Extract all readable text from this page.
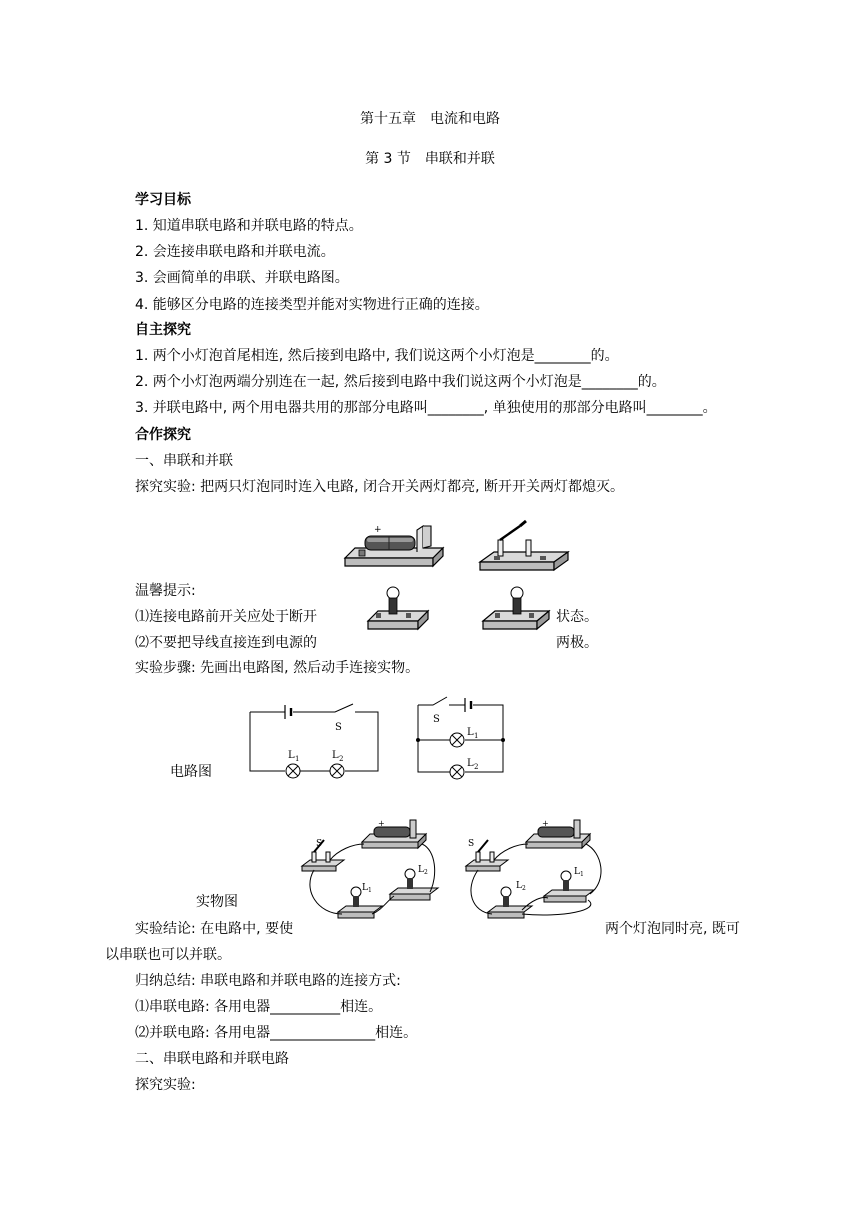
第十五章　电流和电路
第 3 节　串联和并联
学习目标
1. 知道串联电路和并联电路的特点。
2. 会连接串联电路和并联电流。
3. 会画简单的串联、并联电路图。
4. 能够区分电路的连接类型并能对实物进行正确的连接。
自主探究
1. 两个小灯泡首尾相连, 然后接到电路中, 我们说这两个小灯泡是________的。
2. 两个小灯泡两端分别连在一起, 然后接到电路中我们说这两个小灯泡是________的。
3. 并联电路中, 两个用电器共用的那部分电路叫________, 单独使用的那部分电路叫________。
合作探究
一、串联和并联
探究实验: 把两只灯泡同时连入电路, 闭合开关两灯都亮, 断开开关两灯都熄灭。
+
温馨提示:
⑴连接电路前开关应处于断开	状态。
⑵不要把导线直接连到电源的	两极。
实验步骤: 先画出电路图, 然后动手连接实物。
S
L 1	L 2
S
L 1
L 2
电路图
+
S
L 1
L 2
+
S
L 2
L 1
实物图
实验结论: 在电路中, 要使	两个灯泡同时亮, 既可
以串联也可以并联。
归纳总结: 串联电路和并联电路的连接方式:
⑴串联电路: 各用电器__________相连。
⑵并联电路: 各用电器_______________相连。
二、串联电路和并联电路
探究实验:
